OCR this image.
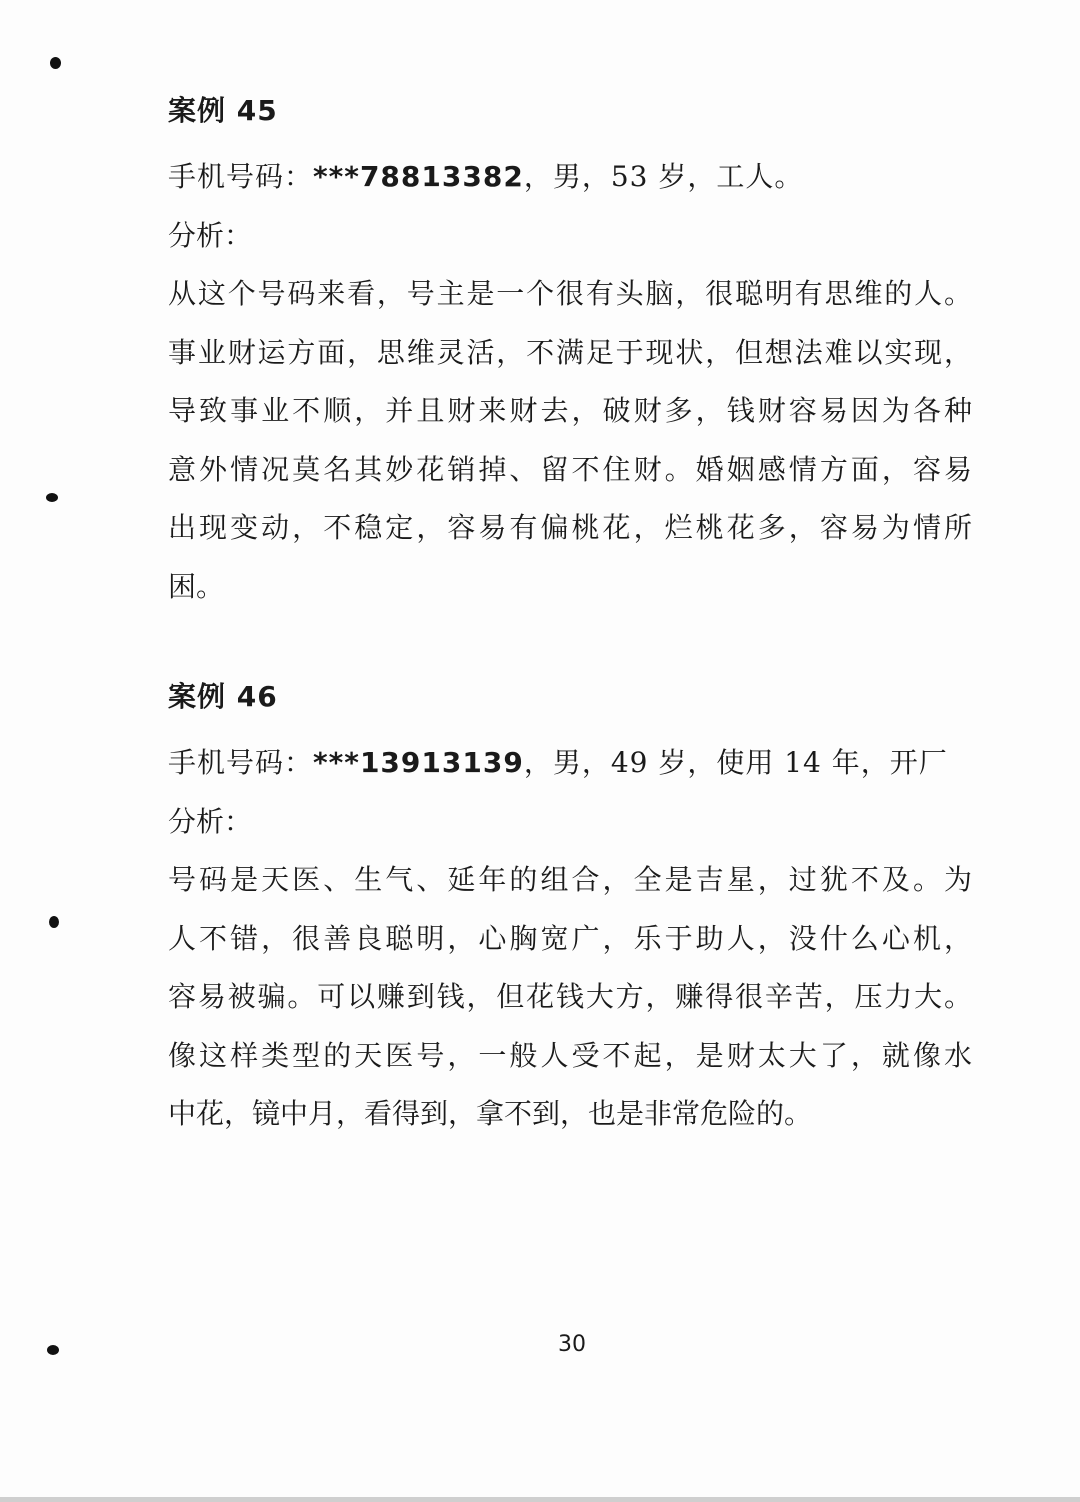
案例 45

手机号码：***78813382，男，53 岁，工人。

分析：

从这个号码来看，号主是一个很有头脑，很聪明有思维的人。
事业财运方面，思维灵活，不满足于现状，但想法难以实现，
导致事业不顺，并且财来财去，破财多，钱财容易因为各种
意外情况莫名其妙花销掉、留不住财。婚姻感情方面，容易
出现变动，不稳定，容易有偏桃花，烂桃花多，容易为情所
困。

案例 46

手机号码：***13913139，男，49 岁，使用 14 年，开厂

分析：

号码是天医、生气、延年的组合，全是吉星，过犹不及。为
人不错，很善良聪明，心胸宽广，乐于助人，没什么心机，
容易被骗。可以赚到钱，但花钱大方，赚得很辛苦，压力大。
像这样类型的天医号，一般人受不起，是财太大了，就像水
中花，镜中月，看得到，拿不到，也是非常危险的。

30
